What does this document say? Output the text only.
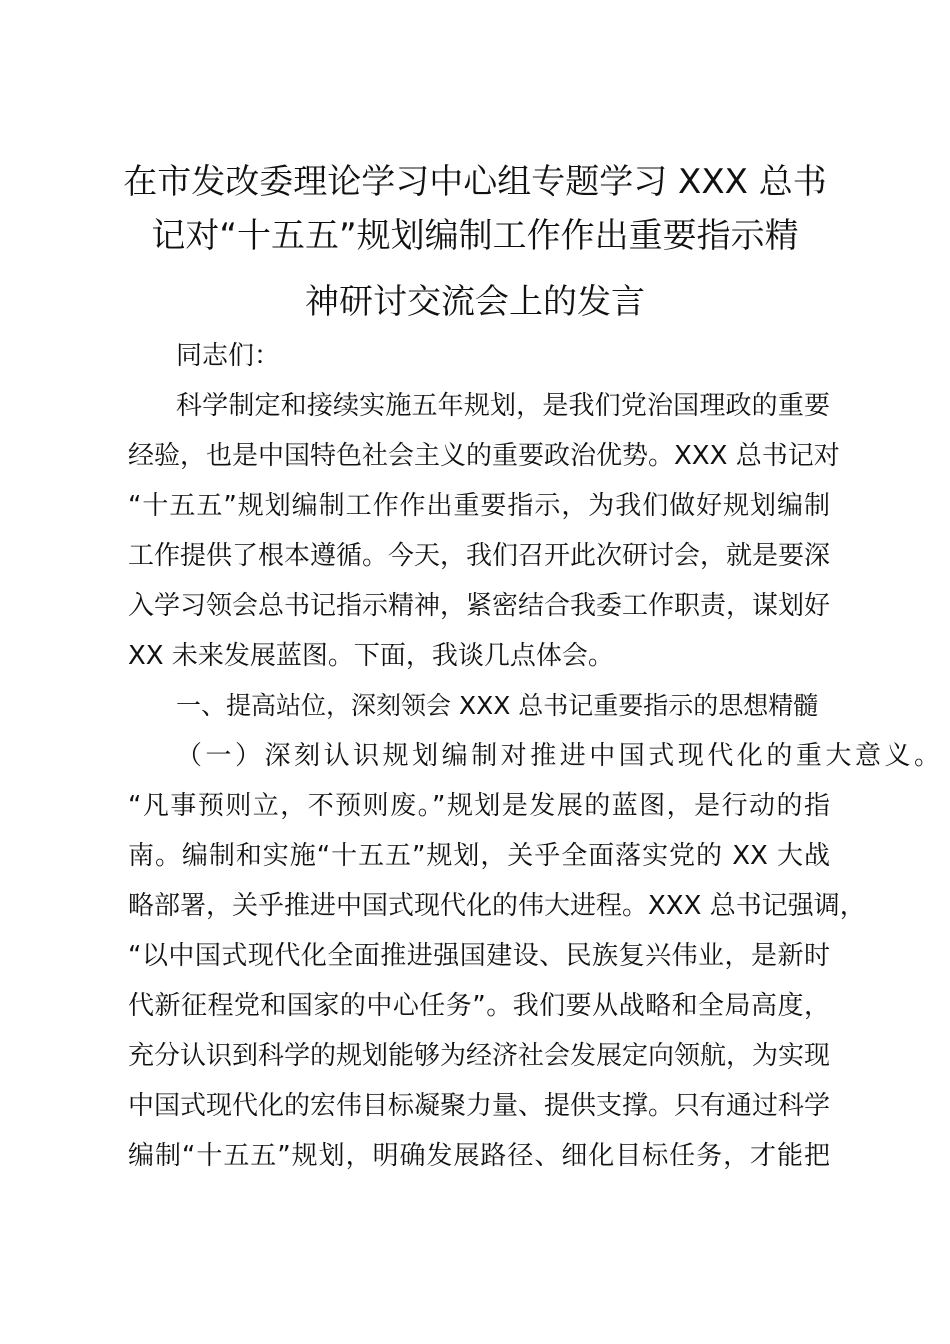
在市发改委理论学习中心组专题学习 XXX 总书
记对“十五五”规划编制工作作出重要指示精
神研讨交流会上的发言
同志们：
科学制定和接续实施五年规划，是我们党治国理政的重要
经验，也是中国特色社会主义的重要政治优势。XXX 总书记对
“十五五”规划编制工作作出重要指示，为我们做好规划编制
工作提供了根本遵循。今天，我们召开此次研讨会，就是要深
入学习领会总书记指示精神，紧密结合我委工作职责，谋划好
XX 未来发展蓝图。下面，我谈几点体会。
一、提高站位，深刻领会 XXX 总书记重要指示的思想精髓
（一）深刻认识规划编制对推进中国式现代化的重大意义。
“凡事预则立，不预则废。”规划是发展的蓝图，是行动的指
南。编制和实施“十五五”规划，关乎全面落实党的 XX 大战
略部署，关乎推进中国式现代化的伟大进程。XXX 总书记强调，
“以中国式现代化全面推进强国建设、民族复兴伟业，是新时
代新征程党和国家的中心任务”。我们要从战略和全局高度，
充分认识到科学的规划能够为经济社会发展定向领航，为实现
中国式现代化的宏伟目标凝聚力量、提供支撑。只有通过科学
编制“十五五”规划，明确发展路径、细化目标任务，才能把
